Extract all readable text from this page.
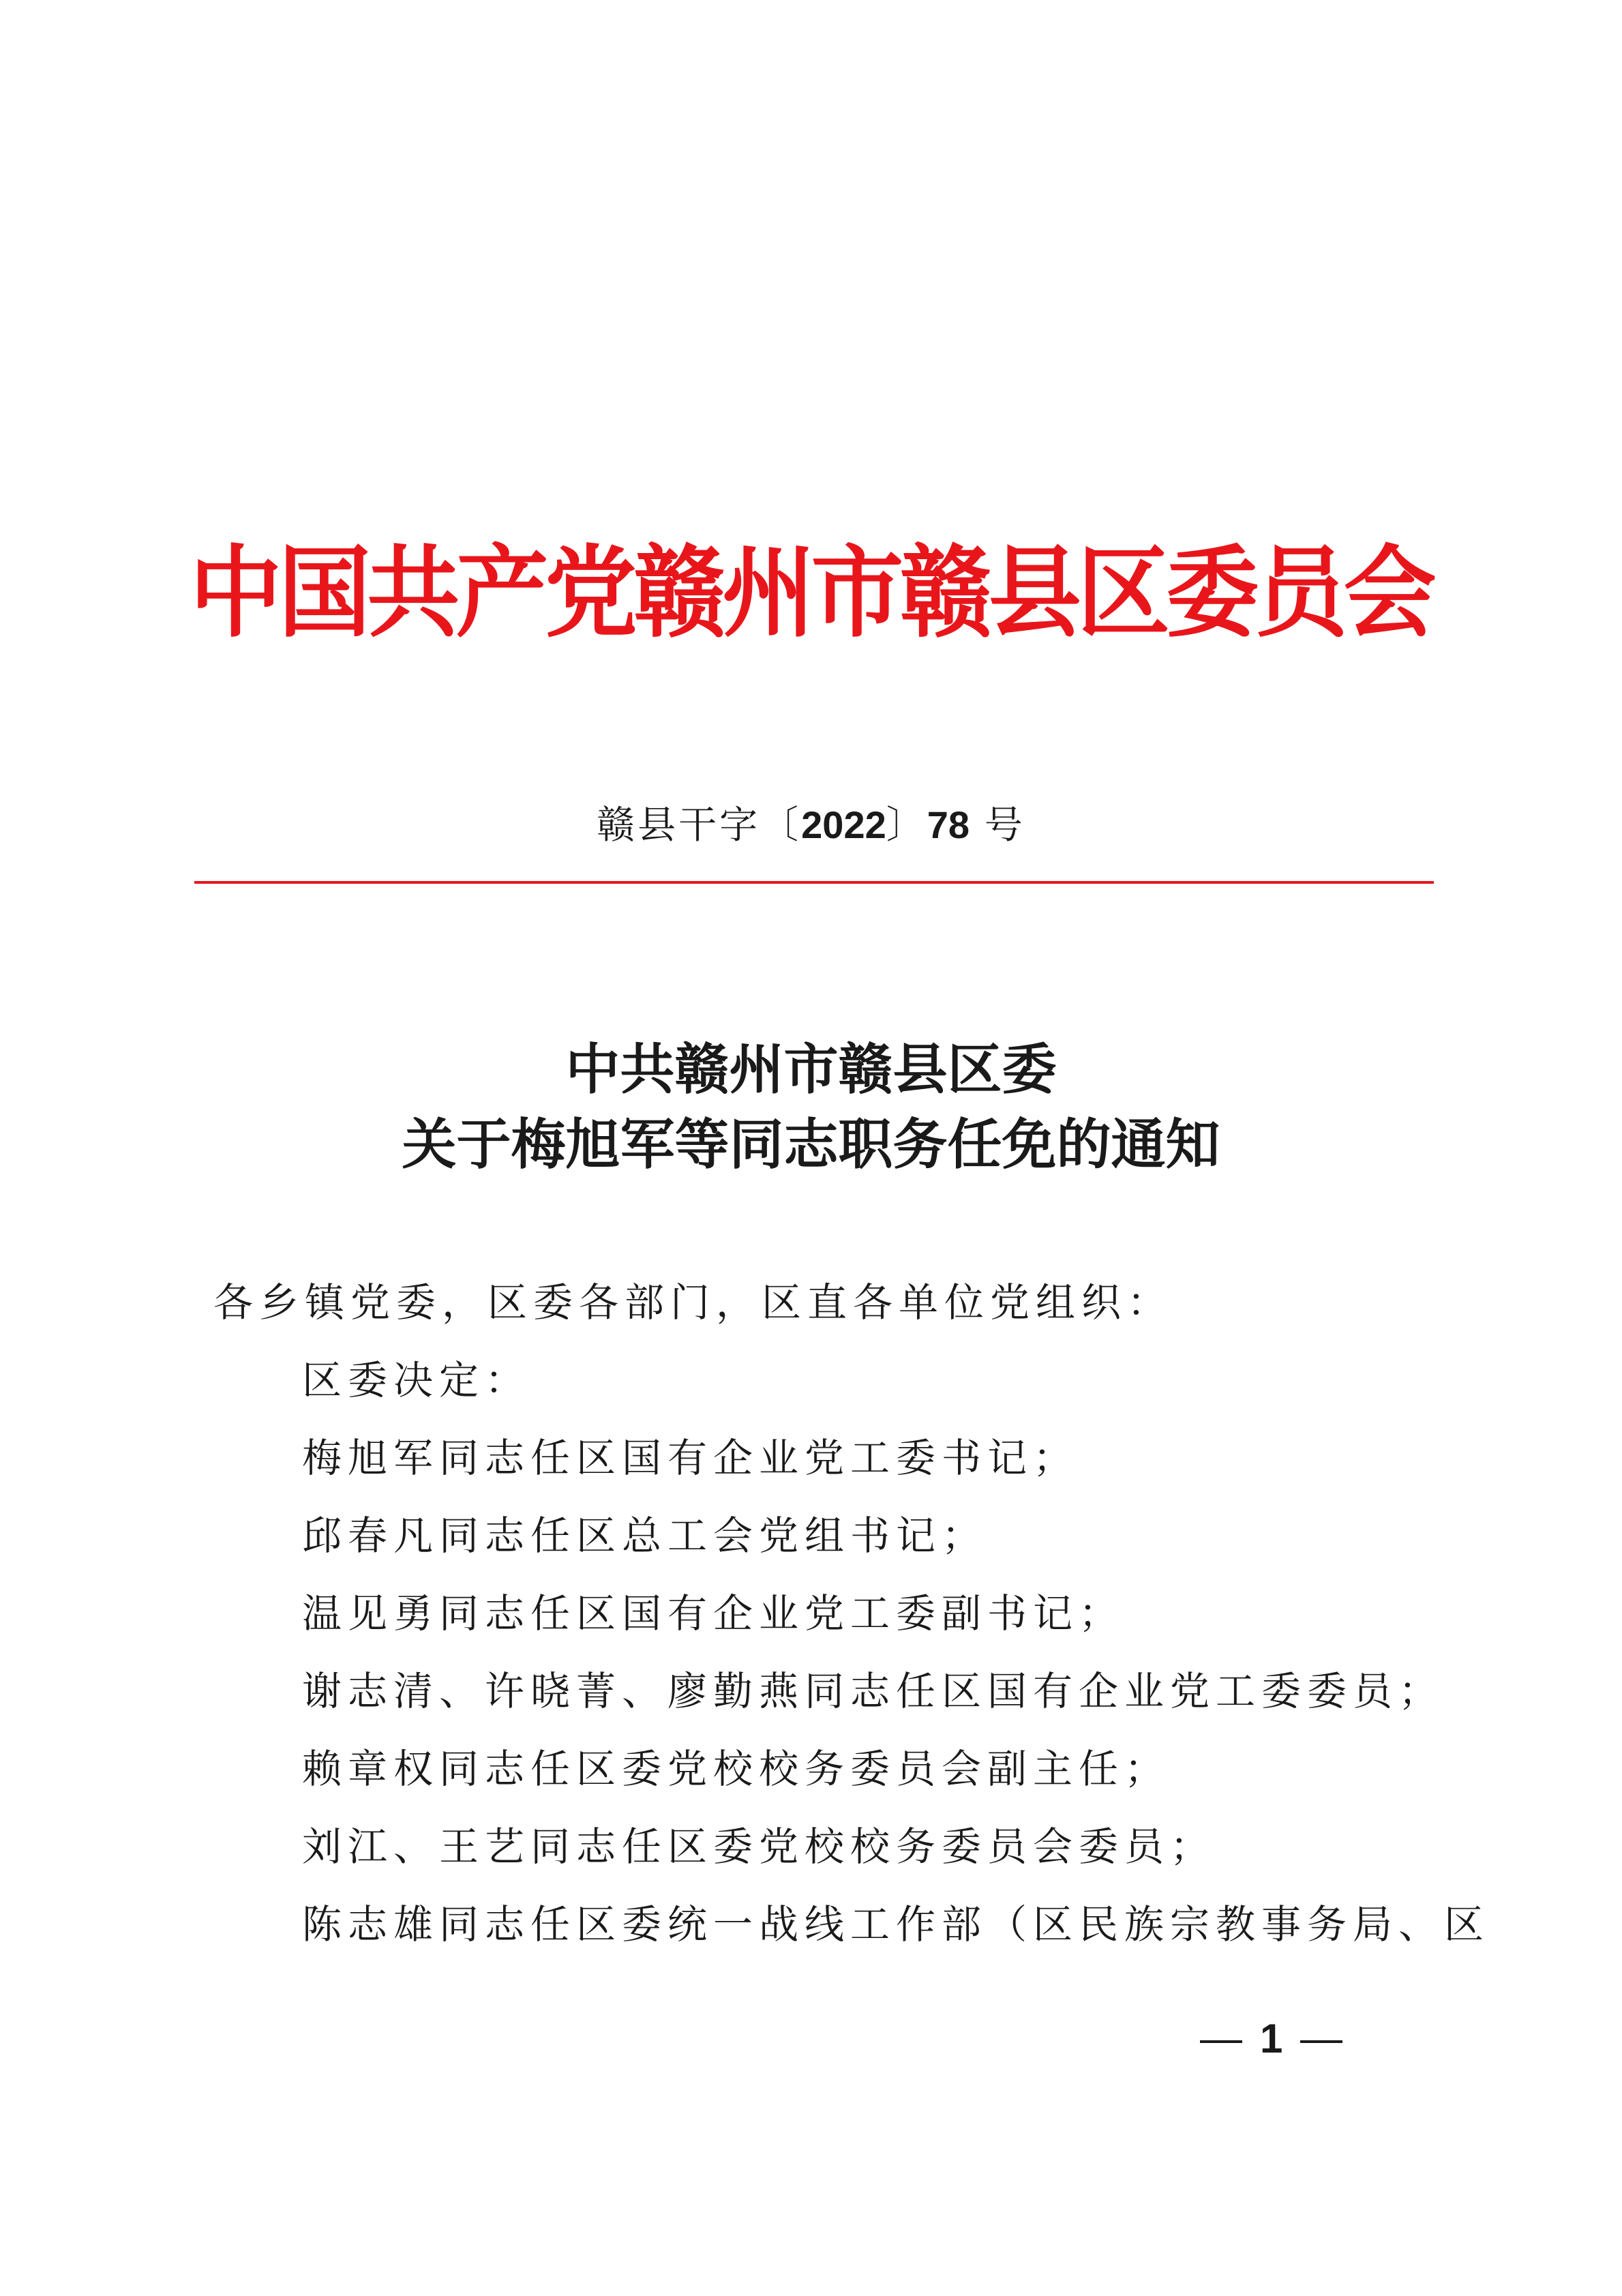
中国共产党赣州市赣县区委员会
赣县干字〔2022〕78 号
中共赣州市赣县区委
关于梅旭军等同志职务任免的通知
各乡镇党委，区委各部门，区直各单位党组织：
区委决定：
梅旭军同志任区国有企业党工委书记；
邱春凡同志任区总工会党组书记；
温见勇同志任区国有企业党工委副书记；
谢志清、许晓菁、廖勤燕同志任区国有企业党工委委员；
赖章权同志任区委党校校务委员会副主任；
刘江、王艺同志任区委党校校务委员会委员；
陈志雄同志任区委统一战线工作部（区民族宗教事务局、区
1
